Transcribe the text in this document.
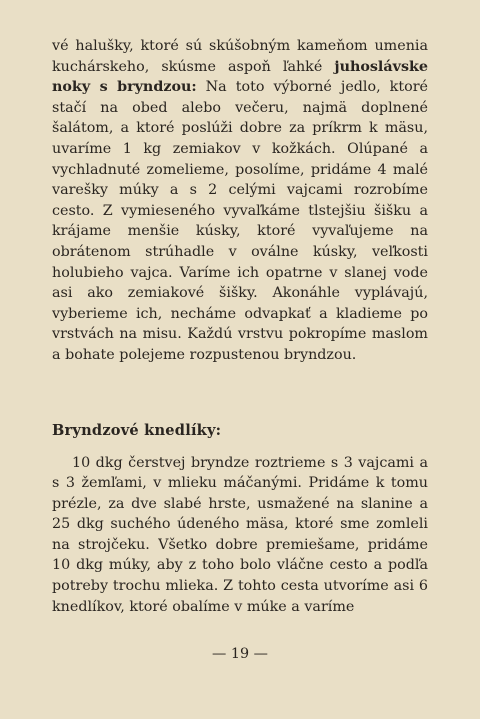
vé halušky, ktoré sú skúšobným kameňom umenia kuchárskeho, skúsme aspoň ľahké juhoslávske noky s bryndzou: Na toto výborné jedlo, ktoré stačí na obed alebo večeru, najmä doplnené šalátom, a ktoré poslúži dobre za príkrm k mäsu, uvaríme 1 kg zemiakov v kožkách. Olúpané a vychladnuté zomelieme, posolíme, pridáme 4 malé varešky múky a s 2 celými vajcami rozrobíme cesto. Z vymieseného vyvaľkáme tlstejšiu šišku a krájame menšie kúsky, ktoré vyvaľujeme na obrátenom strúhadle v oválne kúsky, veľkosti holubieho vajca. Varíme ich opatrne v slanej vode asi ako zemiakové šišky. Akonáhle vyplávajú, vyberieme ich, necháme odvapkať a kladieme po vrstvách na misu. Každú vrstvu pokropíme maslom a bohate polejeme rozpustenou bryndzou.

Bryndzové knedlíky:

10 dkg čerstvej bryndze roztrieme s 3 vajcami a s 3 žemľami, v mlieku máčanými. Pridáme k tomu prézle, za dve slabé hrste, usmažené na slanine a 25 dkg suchého údeného mäsa, ktoré sme zomleli na strojčeku. Všetko dobre premiešame, pridáme 10 dkg múky, aby z toho bolo vláčne cesto a podľa potreby trochu mlieka. Z tohto cesta utvoríme asi 6 knedlíkov, ktoré obalíme v múke a varíme

— 19 —
